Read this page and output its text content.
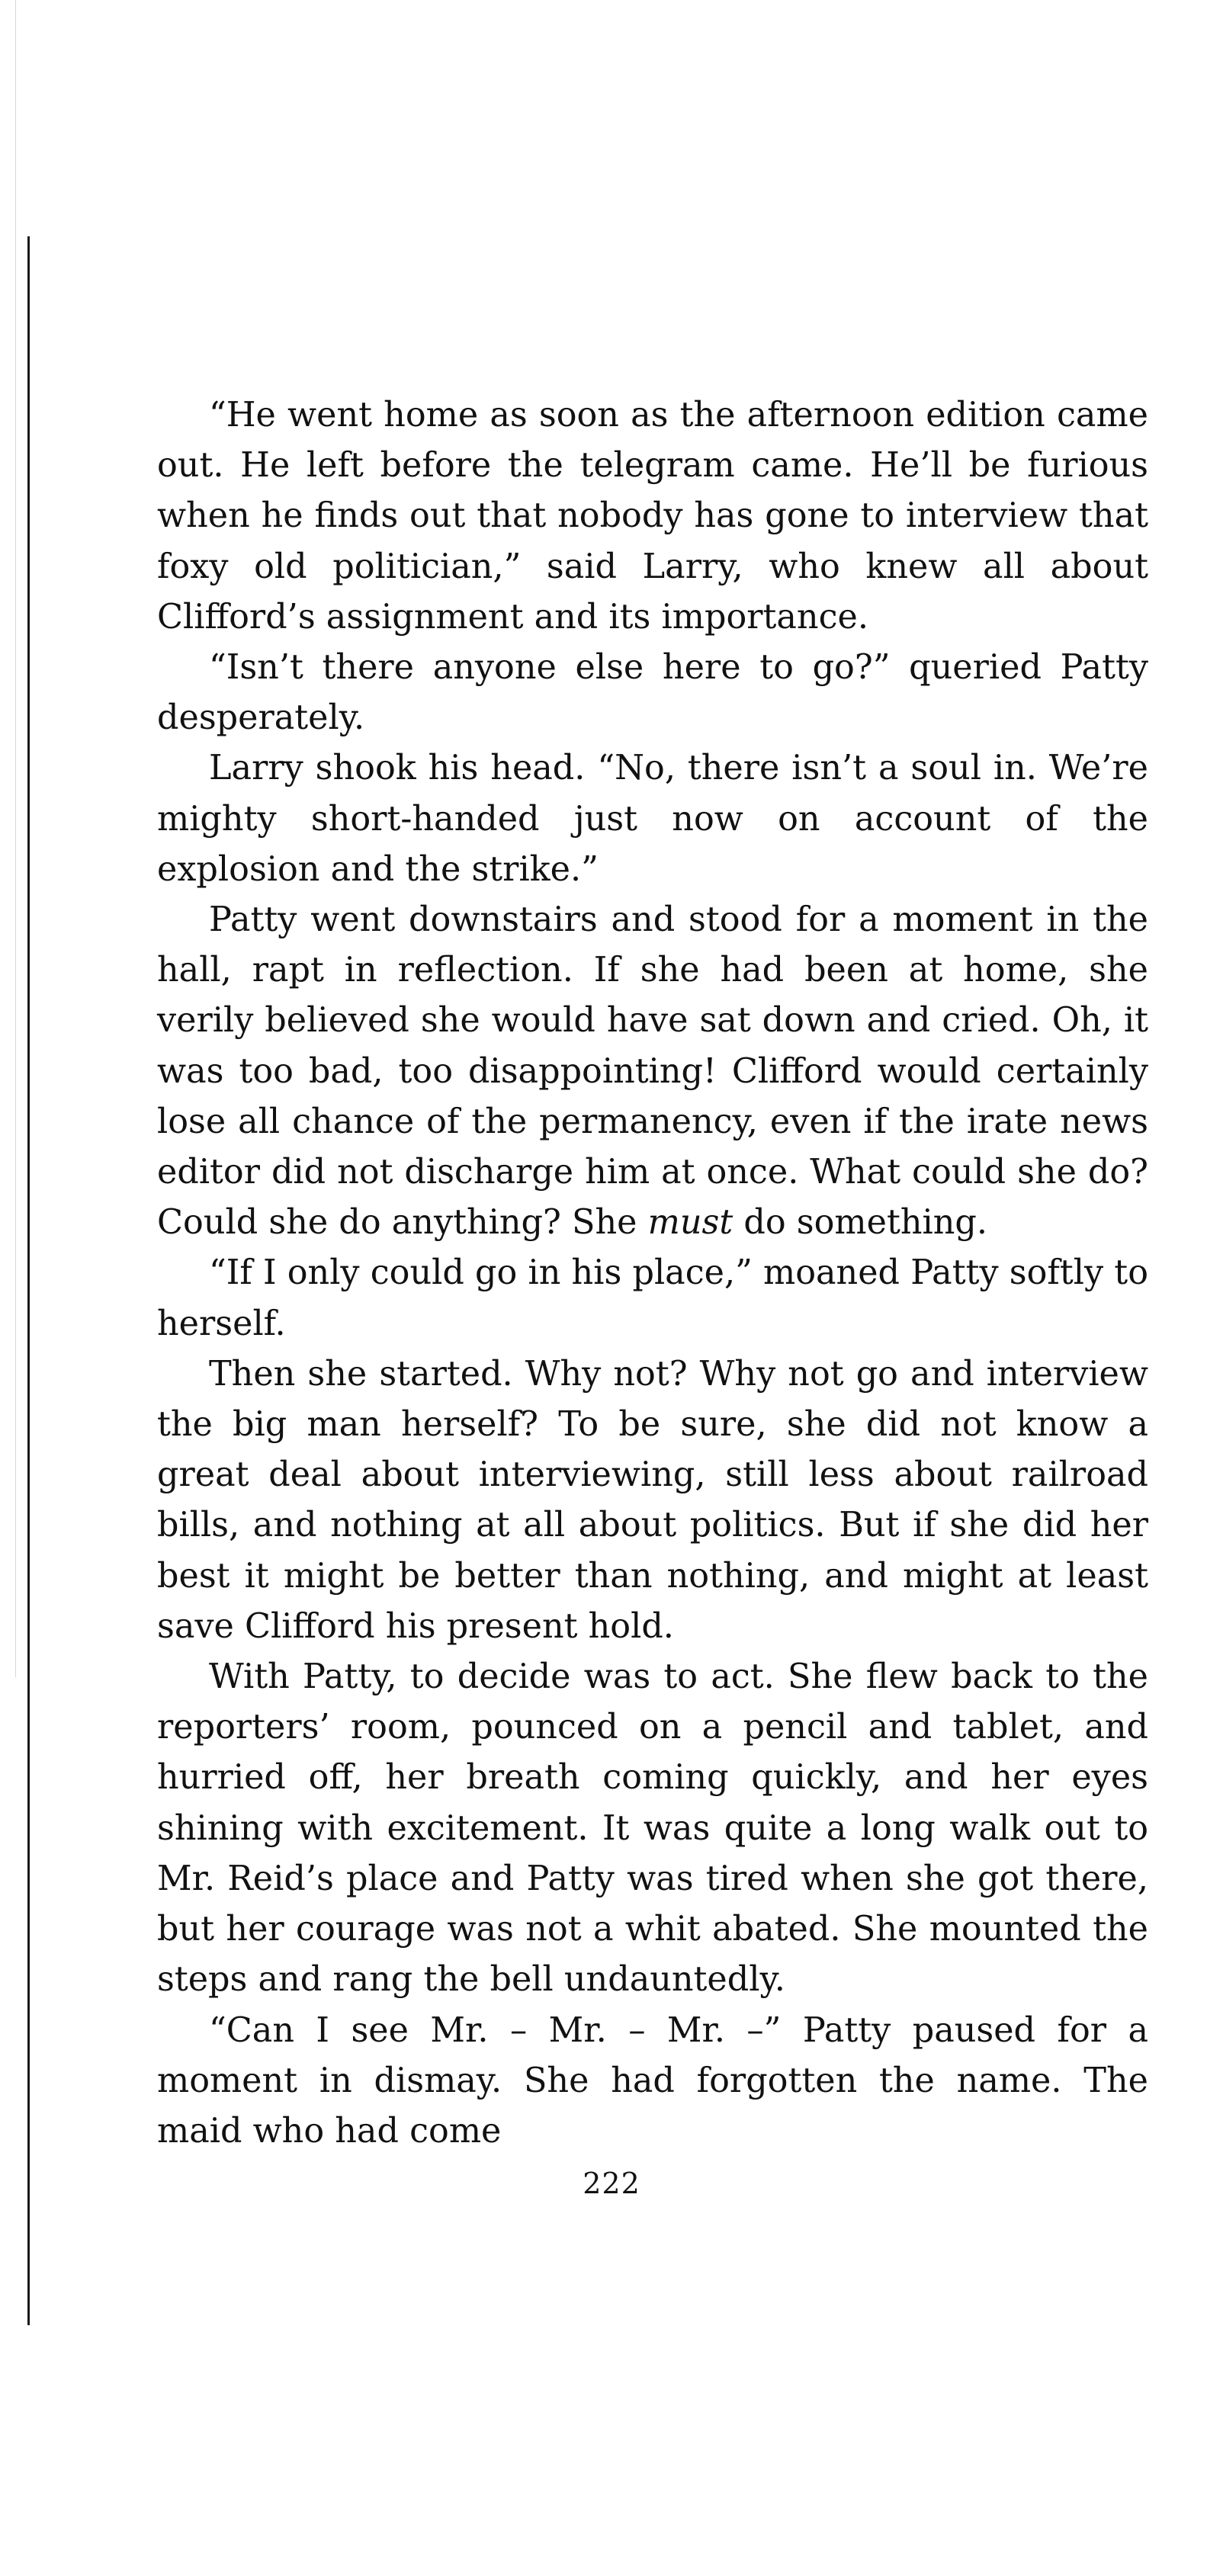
“He went home as soon as the afternoon edition came out. He left before the telegram came. He’ll be furious when he finds out that nobody has gone to interview that foxy old politician,” said Larry, who knew all about Clifford’s assignment and its importance.

“Isn’t there anyone else here to go?” queried Patty desperately.

Larry shook his head. “No, there isn’t a soul in. We’re mighty short-handed just now on account of the explosion and the strike.”

Patty went downstairs and stood for a moment in the hall, rapt in reflection. If she had been at home, she verily believed she would have sat down and cried. Oh, it was too bad, too disappointing! Clifford would certainly lose all chance of the permanency, even if the irate news editor did not discharge him at once. What could she do? Could she do anything? She must do something.

“If I only could go in his place,” moaned Patty softly to herself.

Then she started. Why not? Why not go and interview the big man herself? To be sure, she did not know a great deal about interviewing, still less about railroad bills, and nothing at all about politics. But if she did her best it might be better than nothing, and might at least save Clifford his present hold.

With Patty, to decide was to act. She flew back to the reporters’ room, pounced on a pencil and tablet, and hurried off, her breath coming quickly, and her eyes shining with excitement. It was quite a long walk out to Mr. Reid’s place and Patty was tired when she got there, but her courage was not a whit abated. She mounted the steps and rang the bell undauntedly.

“Can I see Mr. – Mr. – Mr. –” Patty paused for a moment in dismay. She had forgotten the name. The maid who had come

222
